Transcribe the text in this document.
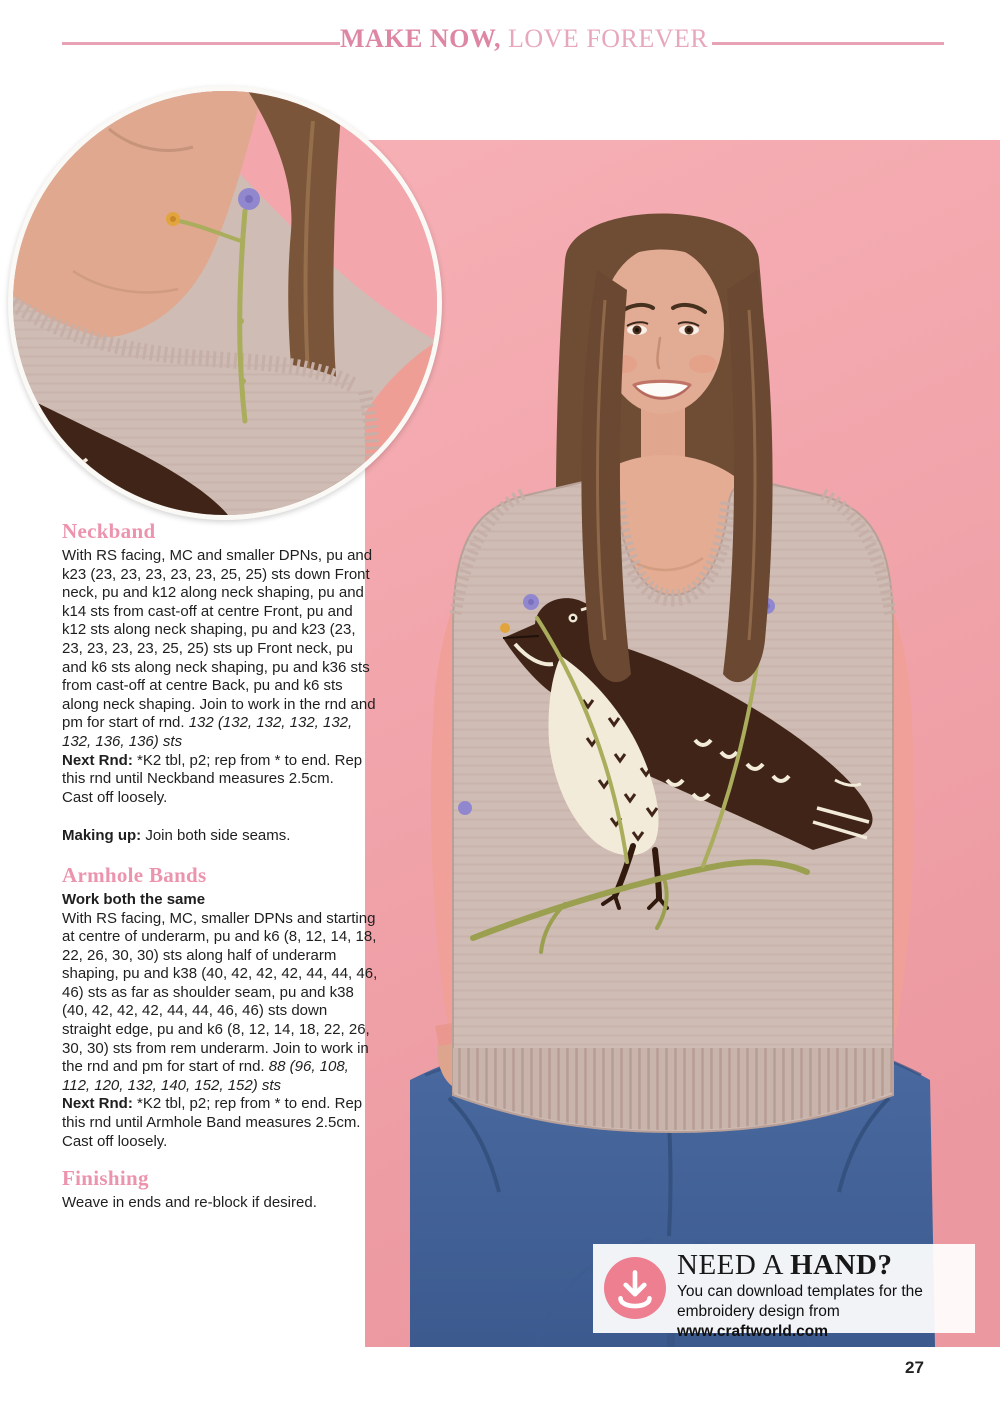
MAKE NOW, LOVE FOREVER
Neckband

With RS facing, MC and smaller DPNs, pu and k23 (23, 23, 23, 23, 23, 25, 25) sts down Front neck, pu and k12 along neck shaping, pu and k14 sts from cast-off at centre Front, pu and k12 sts along neck shaping, pu and k23 (23, 23, 23, 23, 23, 25, 25) sts up Front neck, pu and k6 sts along neck shaping, pu and k36 sts from cast-off at centre Back, pu and k6 sts along neck shaping. Join to work in the rnd and pm for start of rnd. 132 (132, 132, 132, 132, 132, 136, 136) sts

Next Rnd: *K2 tbl, p2; rep from * to end. Rep this rnd until Neckband measures 2.5cm.

Cast off loosely.

Making up: Join both side seams.

Armhole Bands

Work both the same

With RS facing, MC, smaller DPNs and starting at centre of underarm, pu and k6 (8, 12, 14, 18, 22, 26, 30, 30) sts along half of underarm shaping, pu and k38 (40, 42, 42, 42, 44, 44, 46, 46) sts as far as shoulder seam, pu and k38 (40, 42, 42, 42, 44, 44, 46, 46) sts down straight edge, pu and k6 (8, 12, 14, 18, 22, 26, 30, 30) sts from rem underarm. Join to work in the rnd and pm for start of rnd. 88 (96, 108, 112, 120, 132, 140, 152, 152) sts

Next Rnd: *K2 tbl, p2; rep from * to end. Rep this rnd until Armhole Band measures 2.5cm.

Cast off loosely.

Finishing

Weave in ends and re-block if desired.

NEED A HAND?
You can download templates for the embroidery design from www.craftworld.com
27
